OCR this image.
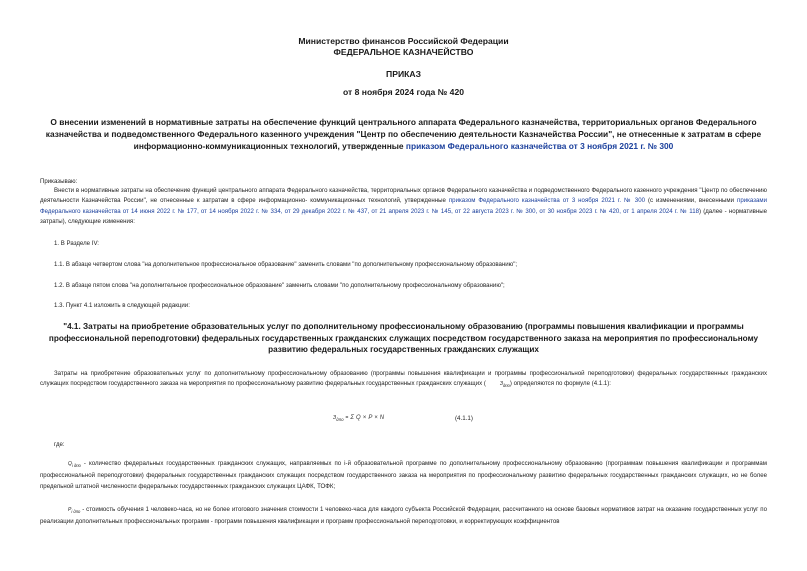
Министерство финансов Российской Федерации
ФЕДЕРАЛЬНОЕ КАЗНАЧЕЙСТВО
ПРИКАЗ
от 8 ноября 2024 года № 420
О внесении изменений в нормативные затраты на обеспечение функций центрального аппарата Федерального казначейства, территориальных органов Федерального казначейства и подведомственного Федерального казенного учреждения "Центр по обеспечению деятельности Казначейства России", не отнесенные к затратам в сфере информационно-коммуникационных технологий, утвержденные приказом Федерального казначейства от 3 ноября 2021 г. № 300
Приказываю:
Внести в нормативные затраты на обеспечение функций центрального аппарата Федерального казначейства, территориальных органов Федерального казначейства и подведомственного Федерального казенного учреждения "Центр по обеспечению деятельности Казначейства России", не отнесенные к затратам в сфере информационно- коммуникационных технологий, утвержденные приказом Федерального казначейства от 3 ноября 2021 г. № 300 (с изменениями, внесенными приказами Федерального казначейства от 14 июня 2022 г. № 177, от 14 ноября 2022 г. № 334, от 29 декабря 2022 г. № 437, от 21 апреля 2023 г. № 145, от 22 августа 2023 г. № 300, от 30 ноября 2023 г. № 420, от 1 апреля 2024 г. № 118) (далее - нормативные затраты), следующие изменения:
1. В Разделе IV:
1.1. В абзаце четвертом слова "на дополнительное профессиональное образование" заменить словами "по дополнительному профессиональному образованию";
1.2. В абзаце пятом слова "на дополнительное профессиональное образование" заменить словами "по дополнительному профессиональному образованию";
1.3. Пункт 4.1 изложить в следующей редакции:
"4.1. Затраты на приобретение образовательных услуг по дополнительному профессиональному образованию (программы повышения квалификации и программы профессиональной переподготовки) федеральных государственных гражданских служащих посредством государственного заказа на мероприятия по профессиональному развитию федеральных государственных гражданских служащих
Затраты на приобретение образовательных услуг по дополнительному профессиональному образованию (программы повышения квалификации и программы профессиональной переподготовки) федеральных государственных гражданских служащих посредством государственного заказа на мероприятия по профессиональному развитию федеральных государственных гражданских служащих (	$З_{дпо}$) определяются по формуле (4.1.1):
$З_{дпо} = \Sigma$ Q × P × N	(4.1.1)
где:
$Q_{i дпо}$ - количество федеральных государственных гражданских служащих, направляемых по i-й образовательной программе по дополнительному профессиональному образованию (программам повышения квалификации и программам профессиональной переподготовки) федеральных государственных гражданских служащих посредством государственного заказа на мероприятия по профессиональному развитию федеральных государственных гражданских служащих, но не более предельной штатной численности федеральных государственных гражданских служащих ЦАФК, ТОФК;
$P_{i дпо}$ - стоимость обучения 1 человеко-часа, но не более итогового значения стоимости 1 человеко-часа для каждого субъекта Российской Федерации, рассчитанного на основе базовых нормативов затрат на оказание государственных услуг по реализации дополнительных профессиональных программ - программ повышения квалификации и программ профессиональной переподготовки, и корректирующих коэффициентов
